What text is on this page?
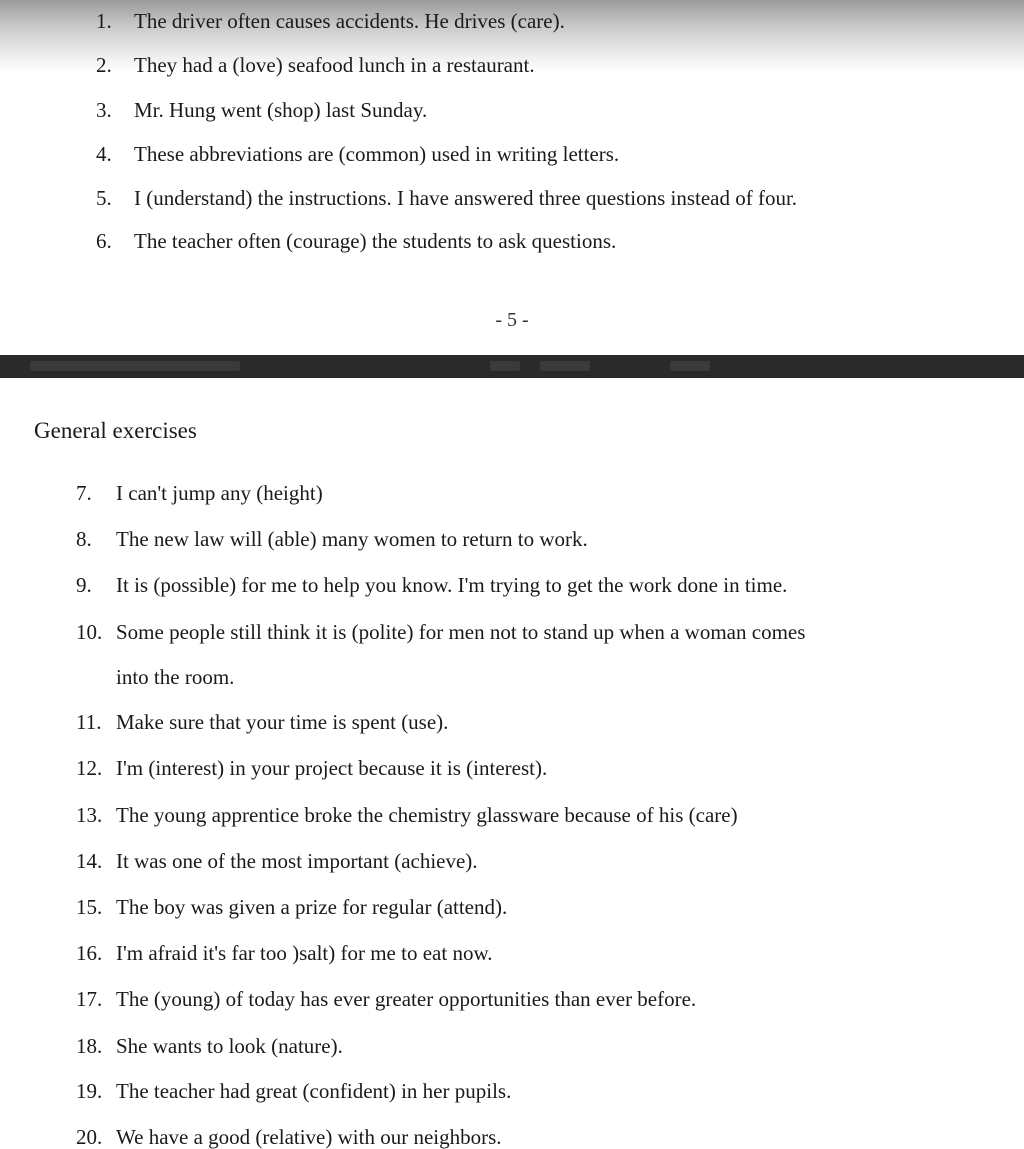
1. The driver often causes accidents. He drives (care).
2. They had a (love) seafood lunch in a restaurant.
3. Mr. Hung went (shop) last Sunday.
4. These abbreviations are (common) used in writing letters.
5. I (understand) the instructions. I have answered three questions instead of four.
6. The teacher often (courage) the students to ask questions.
- 5 -
General exercises
7. I can't jump any (height)
8. The new law will (able) many women to return to work.
9. It is (possible) for me to help you know. I'm trying to get the work done in time.
10. Some people still think it is (polite) for men not to stand up when a woman comes
into the room.
11. Make sure that your time is spent (use).
12. I'm (interest) in your project because it is (interest).
13. The young apprentice broke the chemistry glassware because of his (care)
14. It was one of the most important (achieve).
15. The boy was given a prize for regular (attend).
16. I'm afraid it's far too )salt) for me to eat now.
17. The (young) of today has ever greater opportunities than ever before.
18. She wants to look (nature).
19. The teacher had great (confident) in her pupils.
20. We have a good (relative) with our neighbors.
